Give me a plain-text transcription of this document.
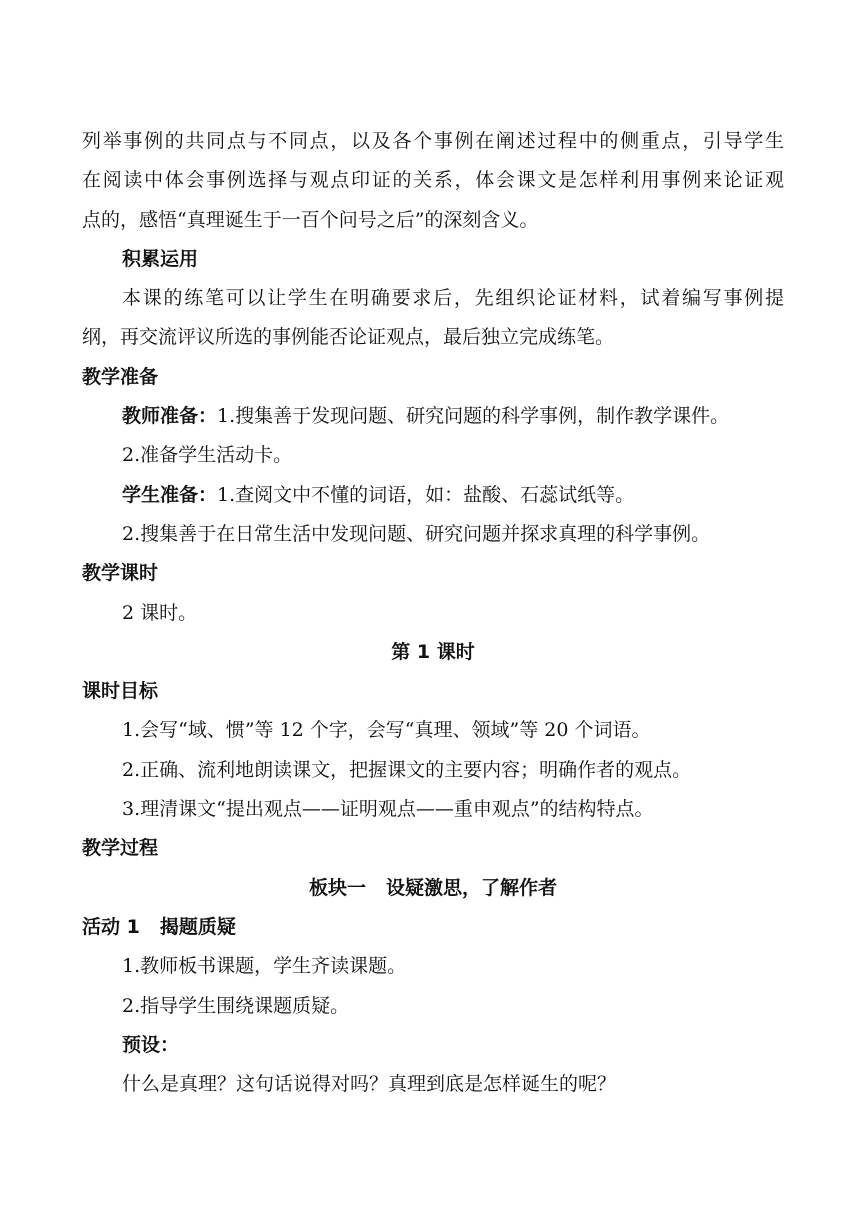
列举事例的共同点与不同点，以及各个事例在阐述过程中的侧重点，引导学生
在阅读中体会事例选择与观点印证的关系，体会课文是怎样利用事例来论证观
点的，感悟“真理诞生于一百个问号之后”的深刻含义。
积累运用
本课的练笔可以让学生在明确要求后，先组织论证材料，试着编写事例提
纲，再交流评议所选的事例能否论证观点，最后独立完成练笔。
教学准备
教师准备：1.搜集善于发现问题、研究问题的科学事例，制作教学课件。
2.准备学生活动卡。
学生准备：1.查阅文中不懂的词语，如：盐酸、石蕊试纸等。
2.搜集善于在日常生活中发现问题、研究问题并探求真理的科学事例。
教学课时
2 课时。
第 1 课时
课时目标
1.会写“域、惯”等 12 个字，会写“真理、领域”等 20 个词语。
2.正确、流利地朗读课文，把握课文的主要内容；明确作者的观点。
3.理清课文“提出观点——证明观点——重申观点”的结构特点。
教学过程
板块一 设疑激思，了解作者
活动 1 揭题质疑
1.教师板书课题，学生齐读课题。
2.指导学生围绕课题质疑。
预设：
什么是真理？这句话说得对吗？真理到底是怎样诞生的呢？
